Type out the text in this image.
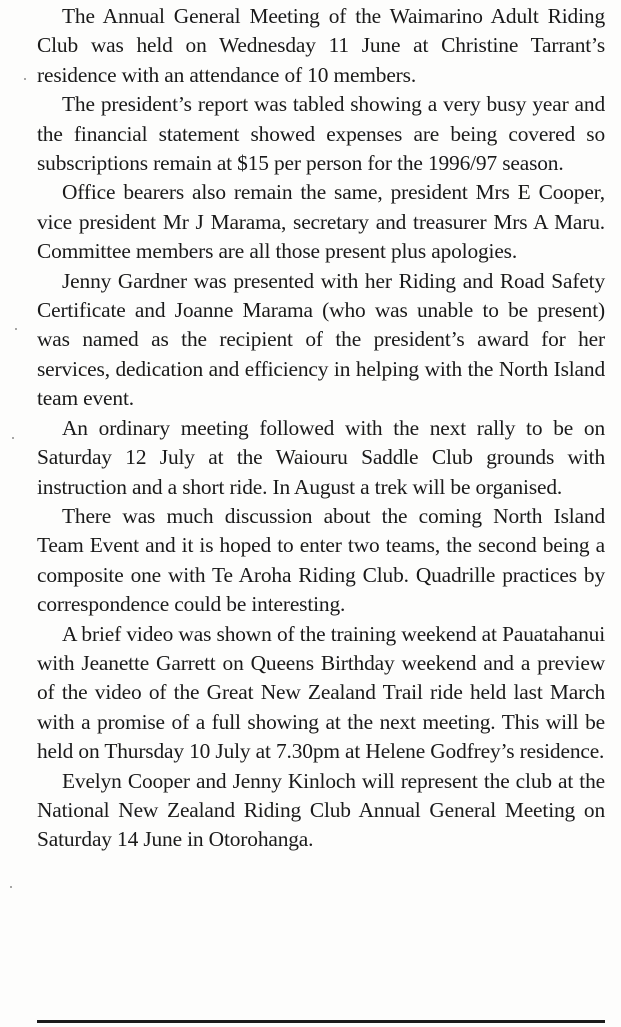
The Annual General Meeting of the Waimarino Adult Riding Club was held on Wednesday 11 June at Christine Tarrant’s residence with an attendance of 10 members.

The president’s report was tabled showing a very busy year and the financial statement showed expenses are being covered so subscriptions remain at $15 per person for the 1996/97 season.

Office bearers also remain the same, president Mrs E Cooper, vice president Mr J Marama, secretary and treasurer Mrs A Maru. Committee members are all those present plus apologies.

Jenny Gardner was presented with her Riding and Road Safety Certificate and Joanne Marama (who was unable to be present) was named as the recipient of the president’s award for her services, dedication and efficiency in helping with the North Island team event.

An ordinary meeting followed with the next rally to be on Saturday 12 July at the Waiouru Saddle Club grounds with instruction and a short ride. In August a trek will be organised.

There was much discussion about the coming North Island Team Event and it is hoped to enter two teams, the second being a composite one with Te Aroha Riding Club. Quadrille practices by correspondence could be interesting.

A brief video was shown of the training weekend at Pauatahanui with Jeanette Garrett on Queens Birthday weekend and a preview of the video of the Great New Zealand Trail ride held last March with a promise of a full showing at the next meeting. This will be held on Thursday 10 July at 7.30pm at Helene Godfrey’s residence.

Evelyn Cooper and Jenny Kinloch will represent the club at the National New Zealand Riding Club Annual General Meeting on Saturday 14 June in Otorohanga.
